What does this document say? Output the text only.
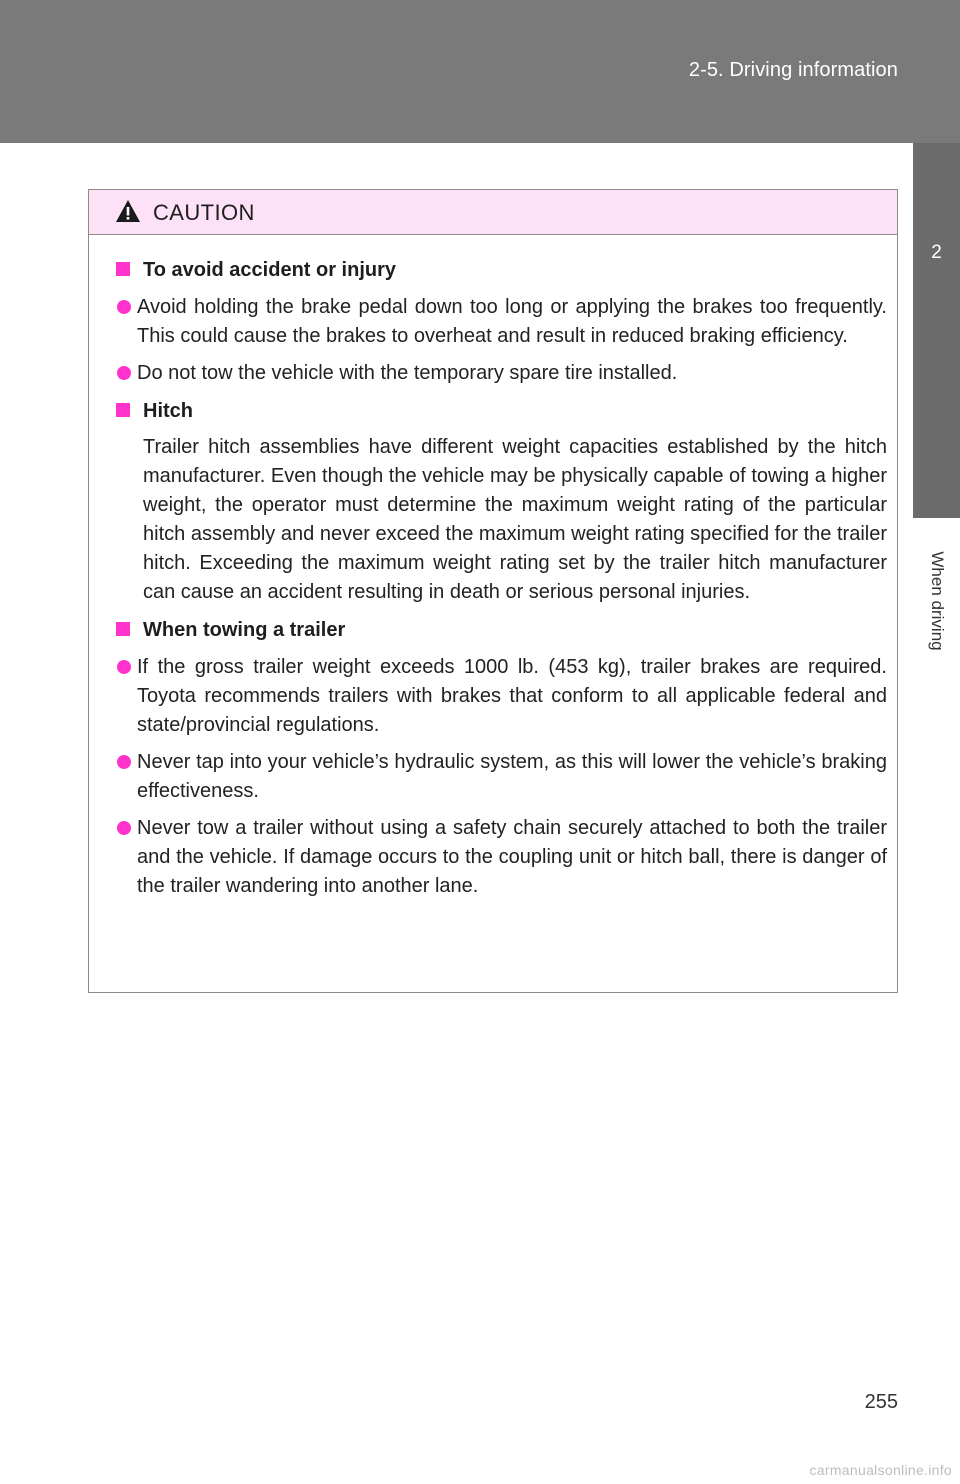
2-5. Driving information
2
When driving
CAUTION
To avoid accident or injury
Avoid holding the brake pedal down too long or applying the brakes too frequently. This could cause the brakes to overheat and result in reduced braking efficiency.
Do not tow the vehicle with the temporary spare tire installed.
Hitch
Trailer hitch assemblies have different weight capacities established by the hitch manufacturer. Even though the vehicle may be physically capable of towing a higher weight, the operator must determine the maximum weight rating of the particular hitch assembly and never exceed the maximum weight rating specified for the trailer hitch. Exceeding the maximum weight rating set by the trailer hitch manufacturer can cause an accident resulting in death or serious personal injuries.
When towing a trailer
If the gross trailer weight exceeds 1000 lb. (453 kg), trailer brakes are required. Toyota recommends trailers with brakes that conform to all applicable federal and state/provincial regulations.
Never tap into your vehicle’s hydraulic system, as this will lower the vehicle’s braking effectiveness.
Never tow a trailer without using a safety chain securely attached to both the trailer and the vehicle. If damage occurs to the coupling unit or hitch ball, there is danger of the trailer wandering into another lane.
255
carmanualsonline.info
